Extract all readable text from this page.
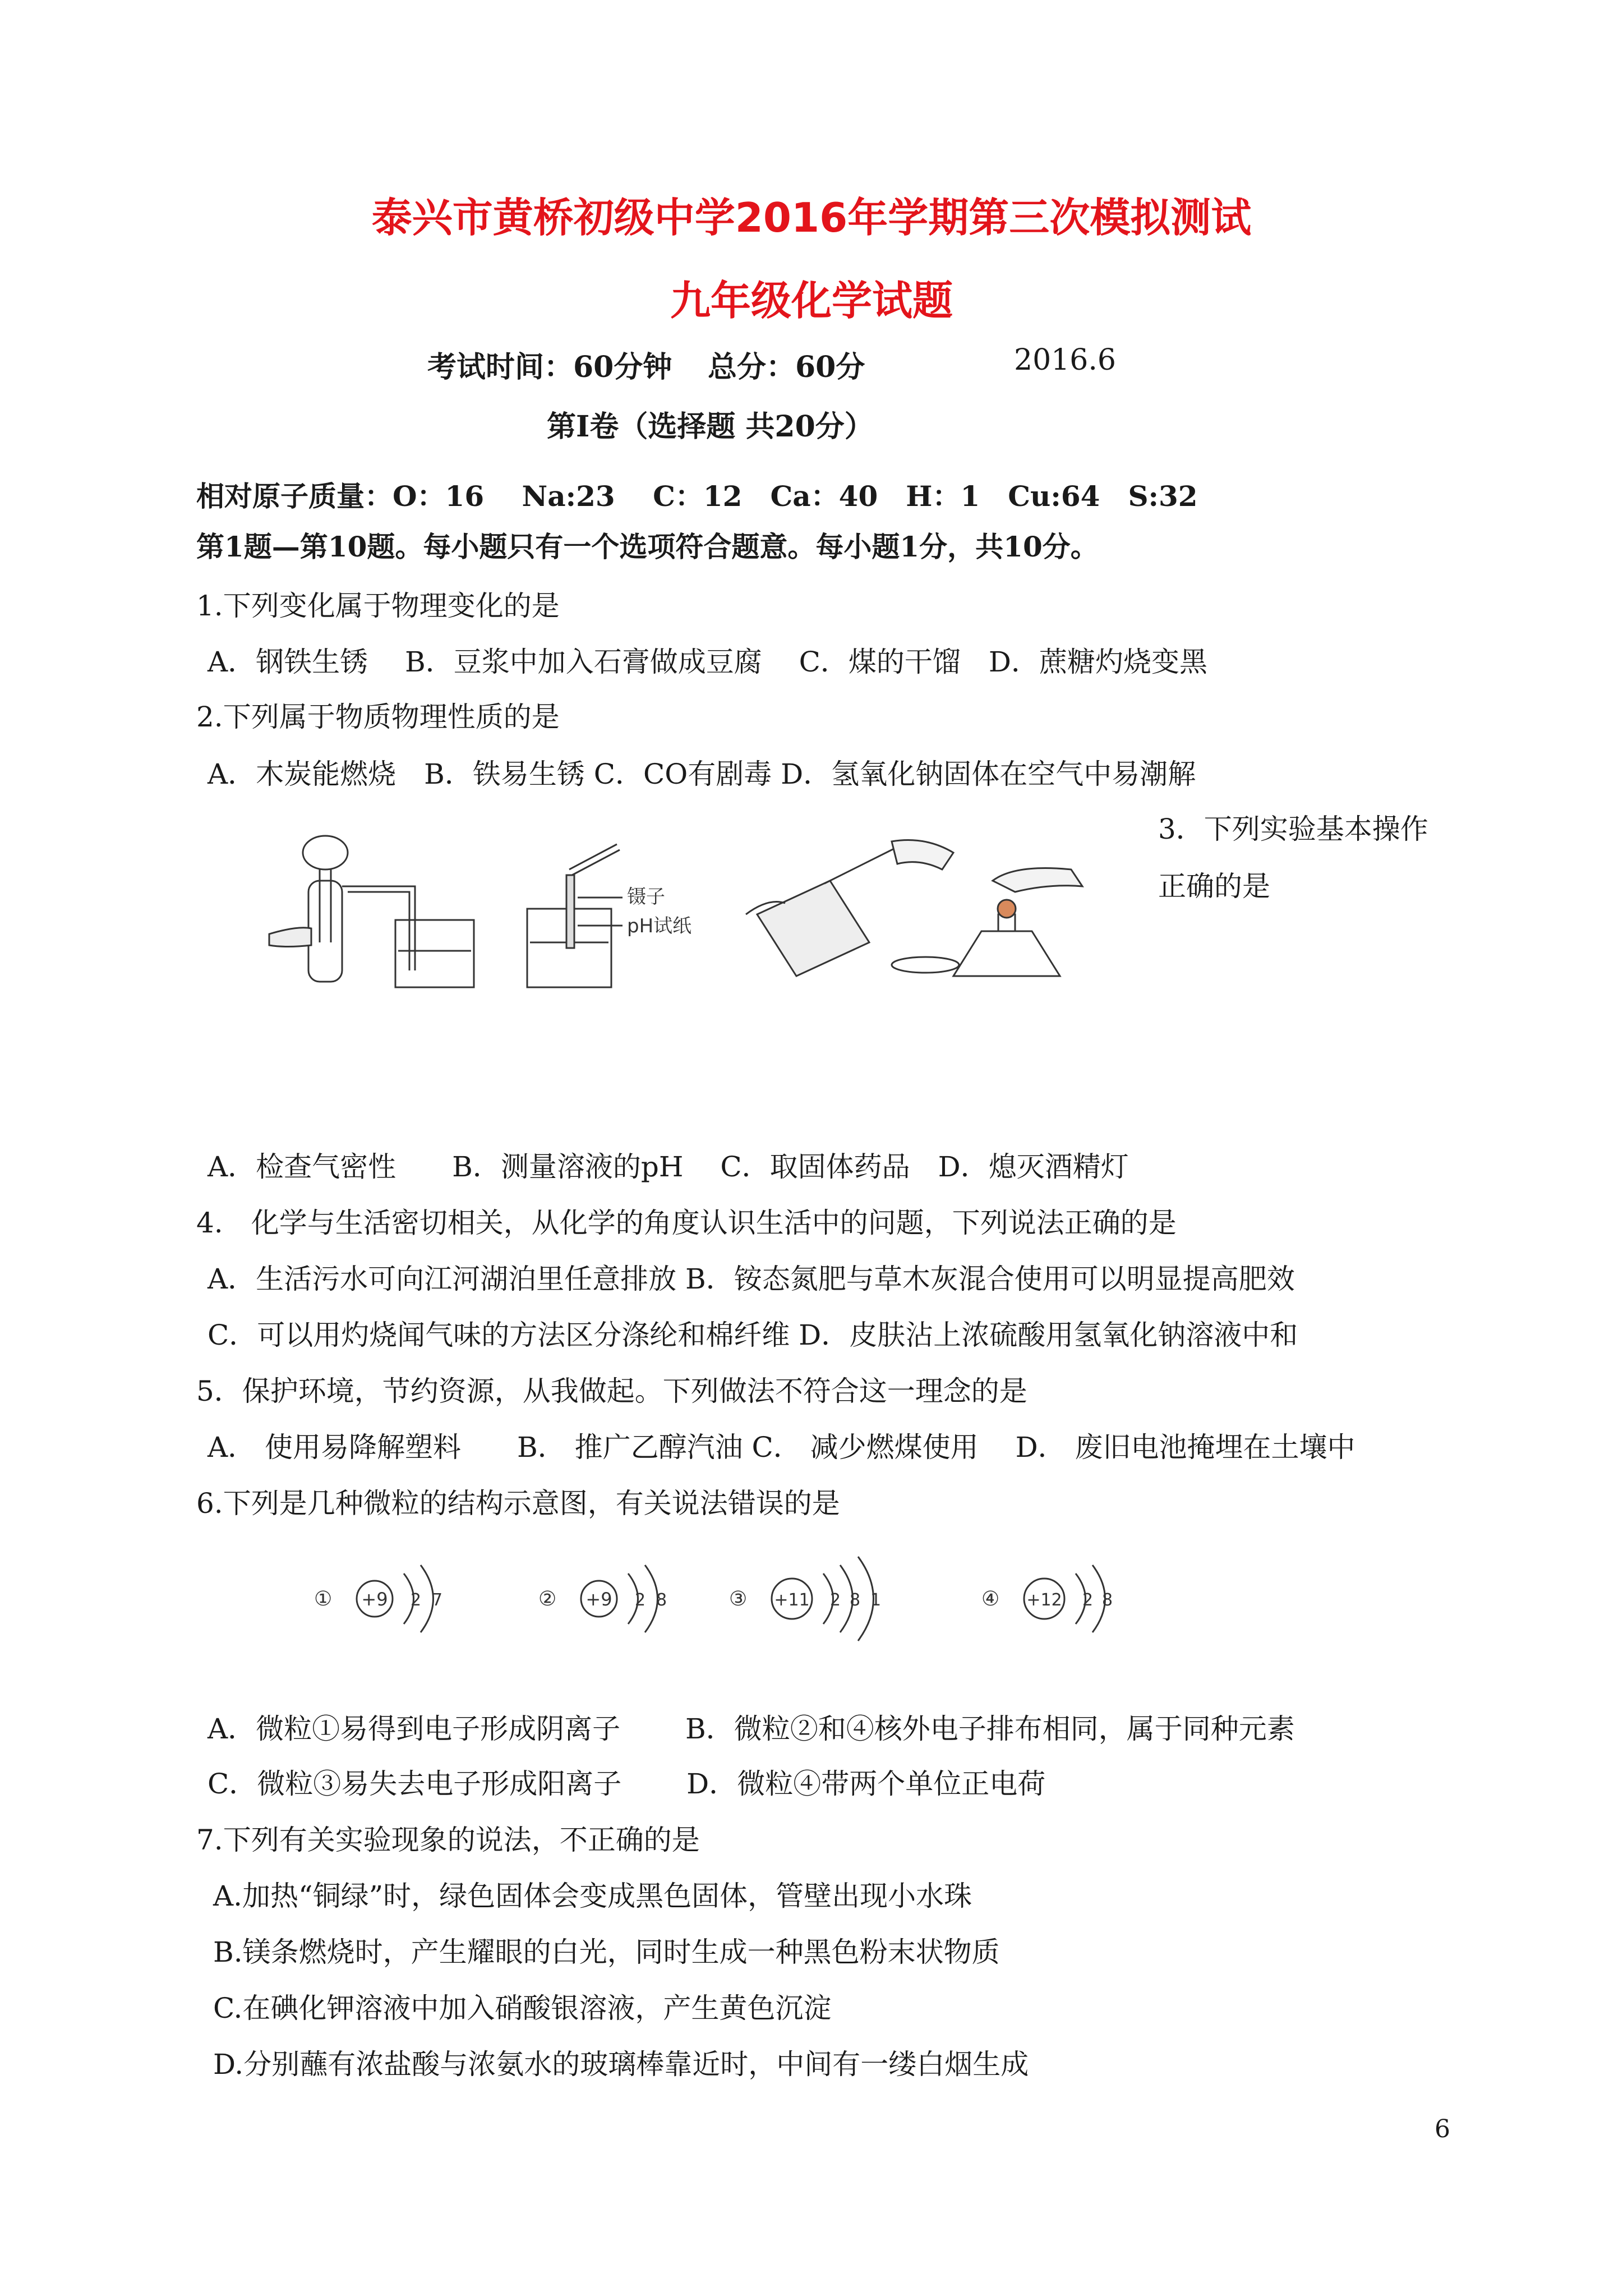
泰兴市黄桥初级中学2016年学期第三次模拟测试
九年级化学试题
考试时间：60分钟 总分：60分	2016.6
第Ⅰ卷（选择题 共20分）
相对原子质量：O：16　 Na:23　 C：12　Ca：40　H：1　Cu:64　S:32
第1题—第10题。每小题只有一个选项符合题意。每小题1分，共10分。
1.下列变化属于物理变化的是
A．钢铁生锈　 B．豆浆中加入石膏做成豆腐　 C．煤的干馏　D．蔗糖灼烧变黑
2.下列属于物质物理性质的是
A．木炭能燃烧　B．铁易生锈 C．CO有剧毒 D．氢氧化钠固体在空气中易潮解
3．下列实验基本操作
正确的是
镊子
pH试纸
A．检查气密性　　B．测量溶液的pH　 C．取固体药品　D．熄灭酒精灯
4.　化学与生活密切相关，从化学的角度认识生活中的问题，下列说法正确的是
A．生活污水可向江河湖泊里任意排放 B．铵态氮肥与草木灰混合使用可以明显提高肥效
C．可以用灼烧闻气味的方法区分涤纶和棉纤维 D．皮肤沾上浓硫酸用氢氧化钠溶液中和
5．保护环境，节约资源，从我做起。下列做法不符合这一理念的是
A． 使用易降解塑料　　B． 推广乙醇汽油 C． 减少燃煤使用　 D． 废旧电池掩埋在土壤中
6.下列是几种微粒的结构示意图，有关说法错误的是
① +9 2 7	② +9 2 8	③ +11 2 8 1	④ +12 2 8
A．微粒①易得到电子形成阴离子　　 B．微粒②和④核外电子排布相同，属于同种元素
C．微粒③易失去电子形成阳离子　　 D．微粒④带两个单位正电荷
7.下列有关实验现象的说法，不正确的是
A.加热“铜绿”时，绿色固体会变成黑色固体，管壁出现小水珠
B.镁条燃烧时，产生耀眼的白光，同时生成一种黑色粉末状物质
C.在碘化钾溶液中加入硝酸银溶液，产生黄色沉淀
D.分别蘸有浓盐酸与浓氨水的玻璃棒靠近时，中间有一缕白烟生成
6
